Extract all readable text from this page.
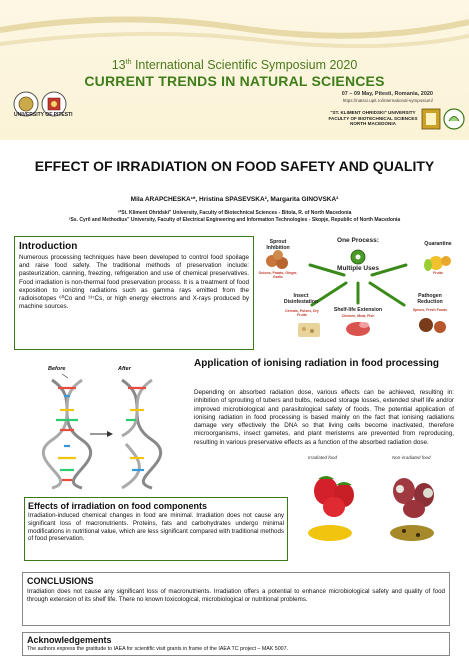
13th International Scientific Symposium 2020
CURRENT TRENDS IN NATURAL SCIENCES
07 – 09 May, Pitesti, Romania, 2020
https://natsci.upit.ro/international-symposium/
UNIVERSITY OF PITESTI	"ST. KLIMENT OHRIDSKI" UNIVERSITY FACULTY OF BIOTECHNICAL SCIENCES NORTH MACEDONIA
EFFECT OF IRRADIATION ON FOOD SAFETY AND QUALITY
Mila ARAPCHESKA¹*, Hristina SPASEVSKA², Margarita GINOVSKA²
¹*St. Kliment Ohridski" University, Faculty of Biotechnical Sciences - Bitola, R. of North Macedonia
²Ss. Cyril and Methodius" University, Faculty of Electrical Engineering and Information Technologies - Skopje, Republic of North Macedonia
Introduction
Numerous processing techniques have been developed to control food spoilage and raise food safety. The traditional methods of preservation include: pasteurization, canning, freezing, refrigeration and use of chemical preservatives. Food irradiation is non-thermal food preservation process. It is a treatment of food exposition to ionizing radiations such as gamma rays emitted from the radioisotopes ⁶⁰Co and ¹³⁷Cs, or high energy electrons and X-rays produced by machine sources.
One Process:
Multiple Uses
Sprout Inhibition
Onions, Potato, Ginger, Garlic
Quarantine
Fruits
Insect Disinfestation
Cereals, Pulses, Dry Fruits
Shelf-life Extension
Chicken, Meat, Fish
Pathogen Reduction
Spices, Fresh Foods
Before	After	Application of ionising radiation in food processing
Depending on absorbed radiation dose, various effects can be achieved, resulting in: inhibition of sprouting of tubers and bulbs, reduced storage losses, extended shelf life and/or improved microbiological and parasitological safety of foods. The potential application of ionising radiation in food processing is based mainly on the fact that ionising radiations damage very effectively the DNA so that living cells become inactivated, therefore microorganisms, insect gametes, and plant meristems are prevented from reproducing, resulting in various preservative effects as a function of the absorbed radiation dose.
Irradiated food	Non-irradiated food
Effects of irradiation on food components
Irradiation-induced chemical changes in food are minimal. Irradiation does not cause any significant loss of macronutrients. Proteins, fats and carbohydrates undergo minimal modifications in nutritional value, which are less significant compared with traditional methods of food preservation.
CONCLUSIONS
Irradiation does not cause any significant loss of macronutrients. Irradiation offers a potential to enhance microbiological safety and quality of food through extension of its shelf life. There no known toxicological, microbiological or nutritional problems.
Acknowledgements
The authors express the gratitude to IAEA for scientific visit grants in frame of the IAEA TC project – MAK 5007.
